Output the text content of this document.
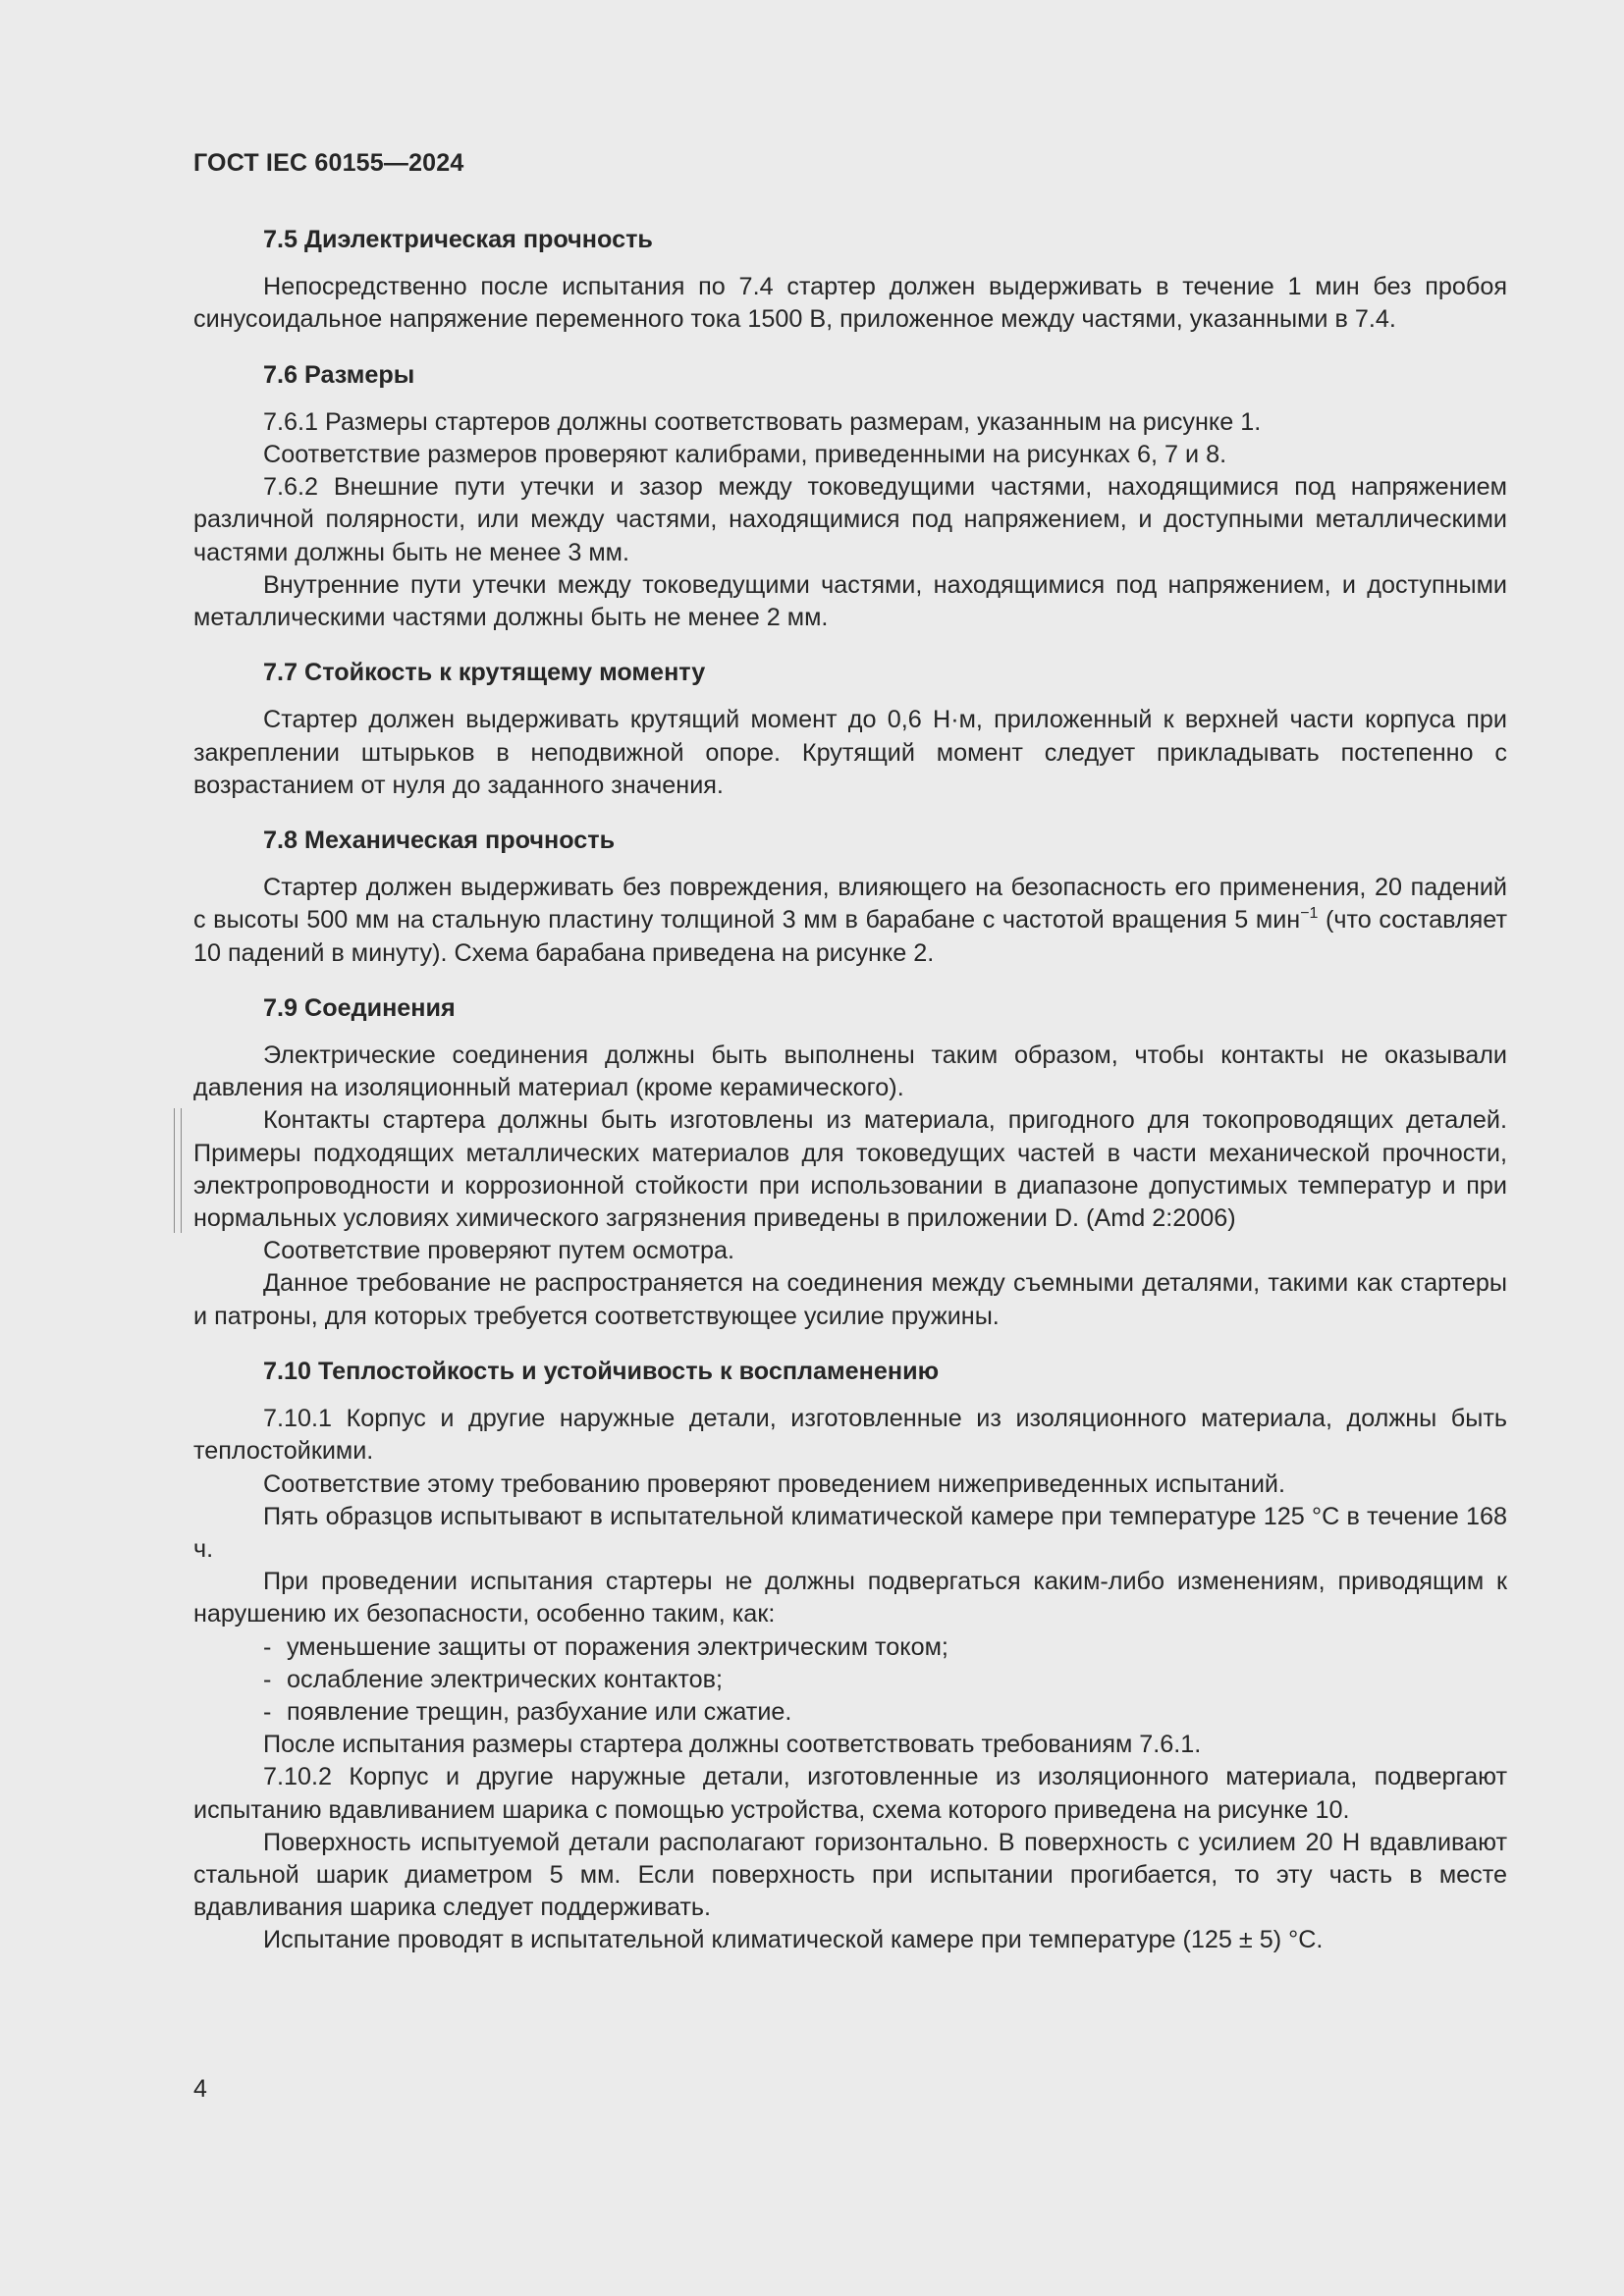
ГОСТ IEC 60155—2024

7.5 Диэлектрическая прочность

Непосредственно после испытания по 7.4 стартер должен выдерживать в течение 1 мин без пробоя синусоидальное напряжение переменного тока 1500 В, приложенное между частями, указанными в 7.4.

7.6 Размеры

7.6.1 Размеры стартеров должны соответствовать размерам, указанным на рисунке 1.

Соответствие размеров проверяют калибрами, приведенными на рисунках 6, 7 и 8.

7.6.2 Внешние пути утечки и зазор между токоведущими частями, находящимися под напряжением различной полярности, или между частями, находящимися под напряжением, и доступными металлическими частями должны быть не менее 3 мм.

Внутренние пути утечки между токоведущими частями, находящимися под напряжением, и доступными металлическими частями должны быть не менее 2 мм.

7.7 Стойкость к крутящему моменту

Стартер должен выдерживать крутящий момент до 0,6 Н·м, приложенный к верхней части корпуса при закреплении штырьков в неподвижной опоре. Крутящий момент следует прикладывать постепенно с возрастанием от нуля до заданного значения.

7.8 Механическая прочность

Стартер должен выдерживать без повреждения, влияющего на безопасность его применения, 20 падений с высоты 500 мм на стальную пластину толщиной 3 мм в барабане с частотой вращения 5 мин$^{-1}$ (что составляет 10 падений в минуту). Схема барабана приведена на рисунке 2.

7.9 Соединения

Электрические соединения должны быть выполнены таким образом, чтобы контакты не оказывали давления на изоляционный материал (кроме керамического).

Контакты стартера должны быть изготовлены из материала, пригодного для токопроводящих деталей. Примеры подходящих металлических материалов для токоведущих частей в части механической прочности, электропроводности и коррозионной стойкости при использовании в диапазоне допустимых температур и при нормальных условиях химического загрязнения приведены в приложении D. (Amd 2:2006)

Соответствие проверяют путем осмотра.

Данное требование не распространяется на соединения между съемными деталями, такими как стартеры и патроны, для которых требуется соответствующее усилие пружины.

7.10 Теплостойкость и устойчивость к воспламенению

7.10.1 Корпус и другие наружные детали, изготовленные из изоляционного материала, должны быть теплостойкими.

Соответствие этому требованию проверяют проведением нижеприведенных испытаний.

Пять образцов испытывают в испытательной климатической камере при температуре 125 °С в течение 168 ч.

При проведении испытания стартеры не должны подвергаться каким-либо изменениям, приводящим к нарушению их безопасности, особенно таким, как:

- уменьшение защиты от поражения электрическим током;

- ослабление электрических контактов;

- появление трещин, разбухание или сжатие.

После испытания размеры стартера должны соответствовать требованиям 7.6.1.

7.10.2 Корпус и другие наружные детали, изготовленные из изоляционного материала, подвергают испытанию вдавливанием шарика с помощью устройства, схема которого приведена на рисунке 10.

Поверхность испытуемой детали располагают горизонтально. В поверхность с усилием 20 Н вдавливают стальной шарик диаметром 5 мм. Если поверхность при испытании прогибается, то эту часть в месте вдавливания шарика следует поддерживать.

Испытание проводят в испытательной климатической камере при температуре (125 ± 5) °С.

4
